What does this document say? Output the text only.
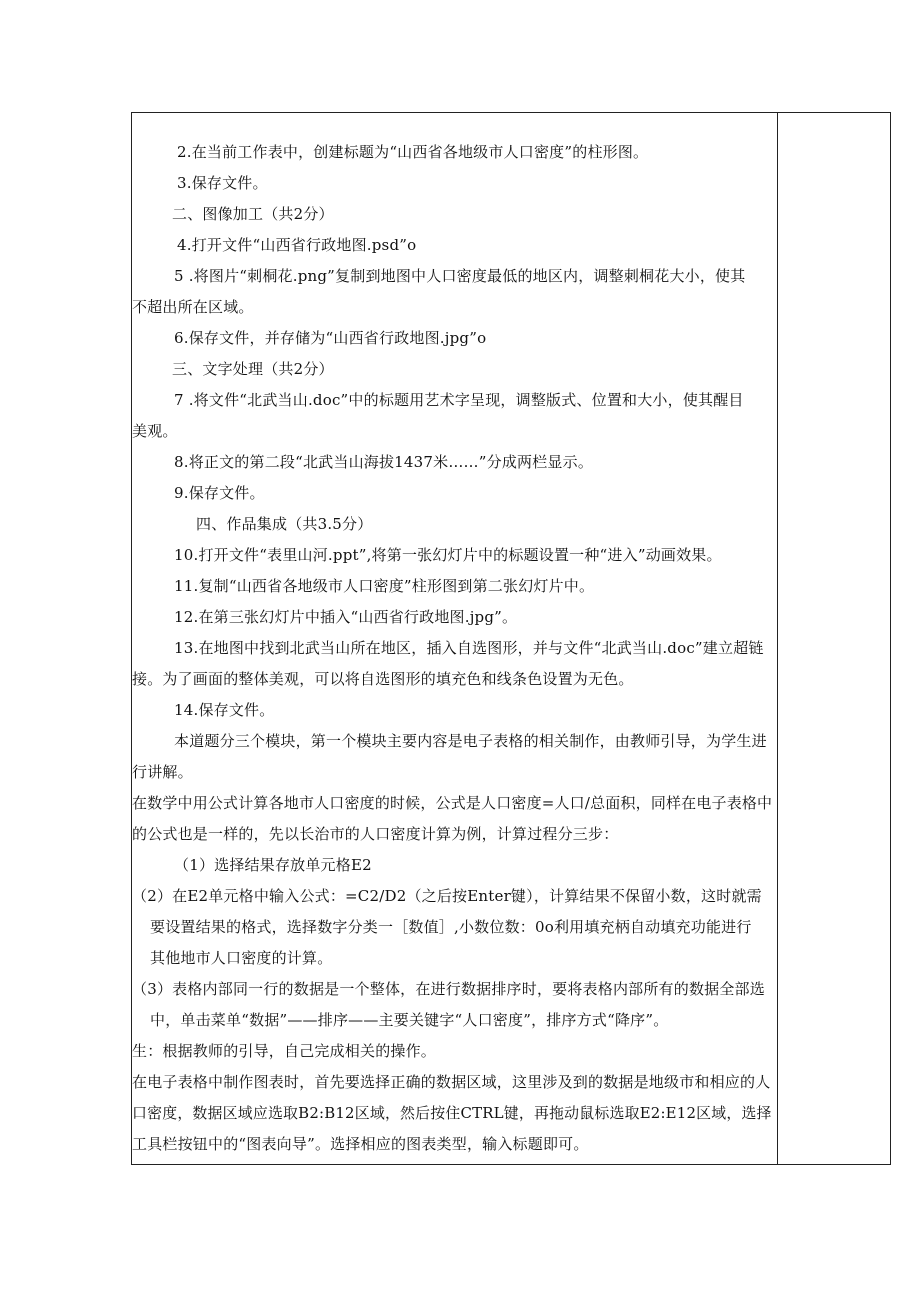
2.在当前工作表中，创建标题为“山西省各地级市人口密度”的柱形图。
3.保存文件。
二、图像加工（共2分）
4.打开文件“山西省行政地图.psd”o
5 .将图片“刺桐花.png”复制到地图中人口密度最低的地区内，调整刺桐花大小，使其
不超出所在区域。
6.保存文件，并存储为“山西省行政地图.jpg”o
三、文字处理（共2分）
7 .将文件“北武当山.doc”中的标题用艺术字呈现，调整版式、位置和大小，使其醒目
美观。
8.将正文的第二段“北武当山海拔1437米……”分成两栏显示。
9.保存文件。
四、作品集成（共3.5分）
10.打开文件“表里山河.ppt”,将第一张幻灯片中的标题设置一种“进入”动画效果。
11.复制“山西省各地级市人口密度”柱形图到第二张幻灯片中。
12.在第三张幻灯片中插入“山西省行政地图.jpg”。
13.在地图中找到北武当山所在地区，插入自选图形，并与文件“北武当山.doc”建立超链
接。为了画面的整体美观，可以将自选图形的填充色和线条色设置为无色。
14.保存文件。
本道题分三个模块，第一个模块主要内容是电子表格的相关制作，由教师引导，为学生进
行讲解。
在数学中用公式计算各地市人口密度的时候，公式是人口密度=人口/总面积，同样在电子表格中
的公式也是一样的，先以长治市的人口密度计算为例，计算过程分三步：
（1）选择结果存放单元格E2
（2）在E2单元格中输入公式：=C2/D2（之后按Enter键），计算结果不保留小数，这时就需
要设置结果的格式，选择数字分类一［数值］,小数位数：0o利用填充柄自动填充功能进行
其他地市人口密度的计算。
（3）表格内部同一行的数据是一个整体，在进行数据排序时，要将表格内部所有的数据全部选
中，单击菜单“数据”——排序——主要关键字“人口密度”，排序方式“降序”。
生：根据教师的引导，自己完成相关的操作。
在电子表格中制作图表时，首先要选择正确的数据区域，这里涉及到的数据是地级市和相应的人
口密度，数据区域应选取B2:B12区域，然后按住CTRL键，再拖动鼠标选取E2:E12区域，选择
工具栏按钮中的“图表向导”。选择相应的图表类型，输入标题即可。
